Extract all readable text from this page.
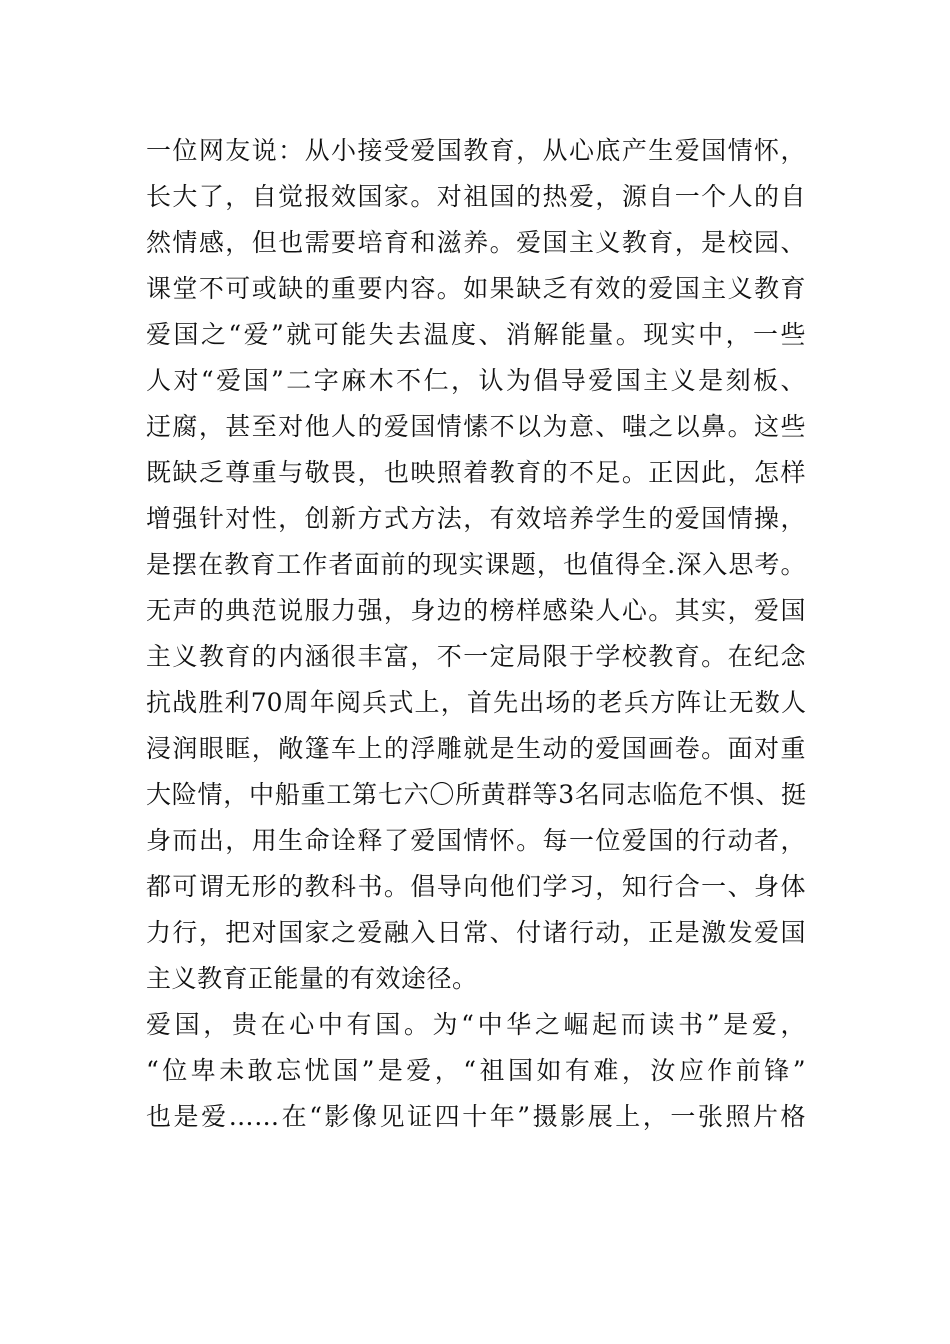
一位网友说：从小接受爱国教育，从心底产生爱国情怀，
长大了，自觉报效国家。对祖国的热爱，源自一个人的自
然情感，但也需要培育和滋养。爱国主义教育，是校园、
课堂不可或缺的重要内容。如果缺乏有效的爱国主义教育
爱国之“爱”就可能失去温度、消解能量。现实中，一些
人对“爱国”二字麻木不仁，认为倡导爱国主义是刻板、
迂腐，甚至对他人的爱国情愫不以为意、嗤之以鼻。这些
既缺乏尊重与敬畏，也映照着教育的不足。正因此，怎样
增强针对性，创新方式方法，有效培养学生的爱国情操，
是摆在教育工作者面前的现实课题，也值得全.深入思考。
无声的典范说服力强，身边的榜样感染人心。其实，爱国
主义教育的内涵很丰富，不一定局限于学校教育。在纪念
抗战胜利70周年阅兵式上，首先出场的老兵方阵让无数人
浸润眼眶，敞篷车上的浮雕就是生动的爱国画卷。面对重
大险情，中船重工第七六〇所黄群等3名同志临危不惧、挺
身而出，用生命诠释了爱国情怀。每一位爱国的行动者，
都可谓无形的教科书。倡导向他们学习，知行合一、身体
力行，把对国家之爱融入日常、付诸行动，正是激发爱国
主义教育正能量的有效途径。
爱国，贵在心中有国。为“中华之崛起而读书”是爱，
“位卑未敢忘忧国”是爱，“祖国如有难，汝应作前锋”
也是爱……在“影像见证四十年”摄影展上，一张照片格
